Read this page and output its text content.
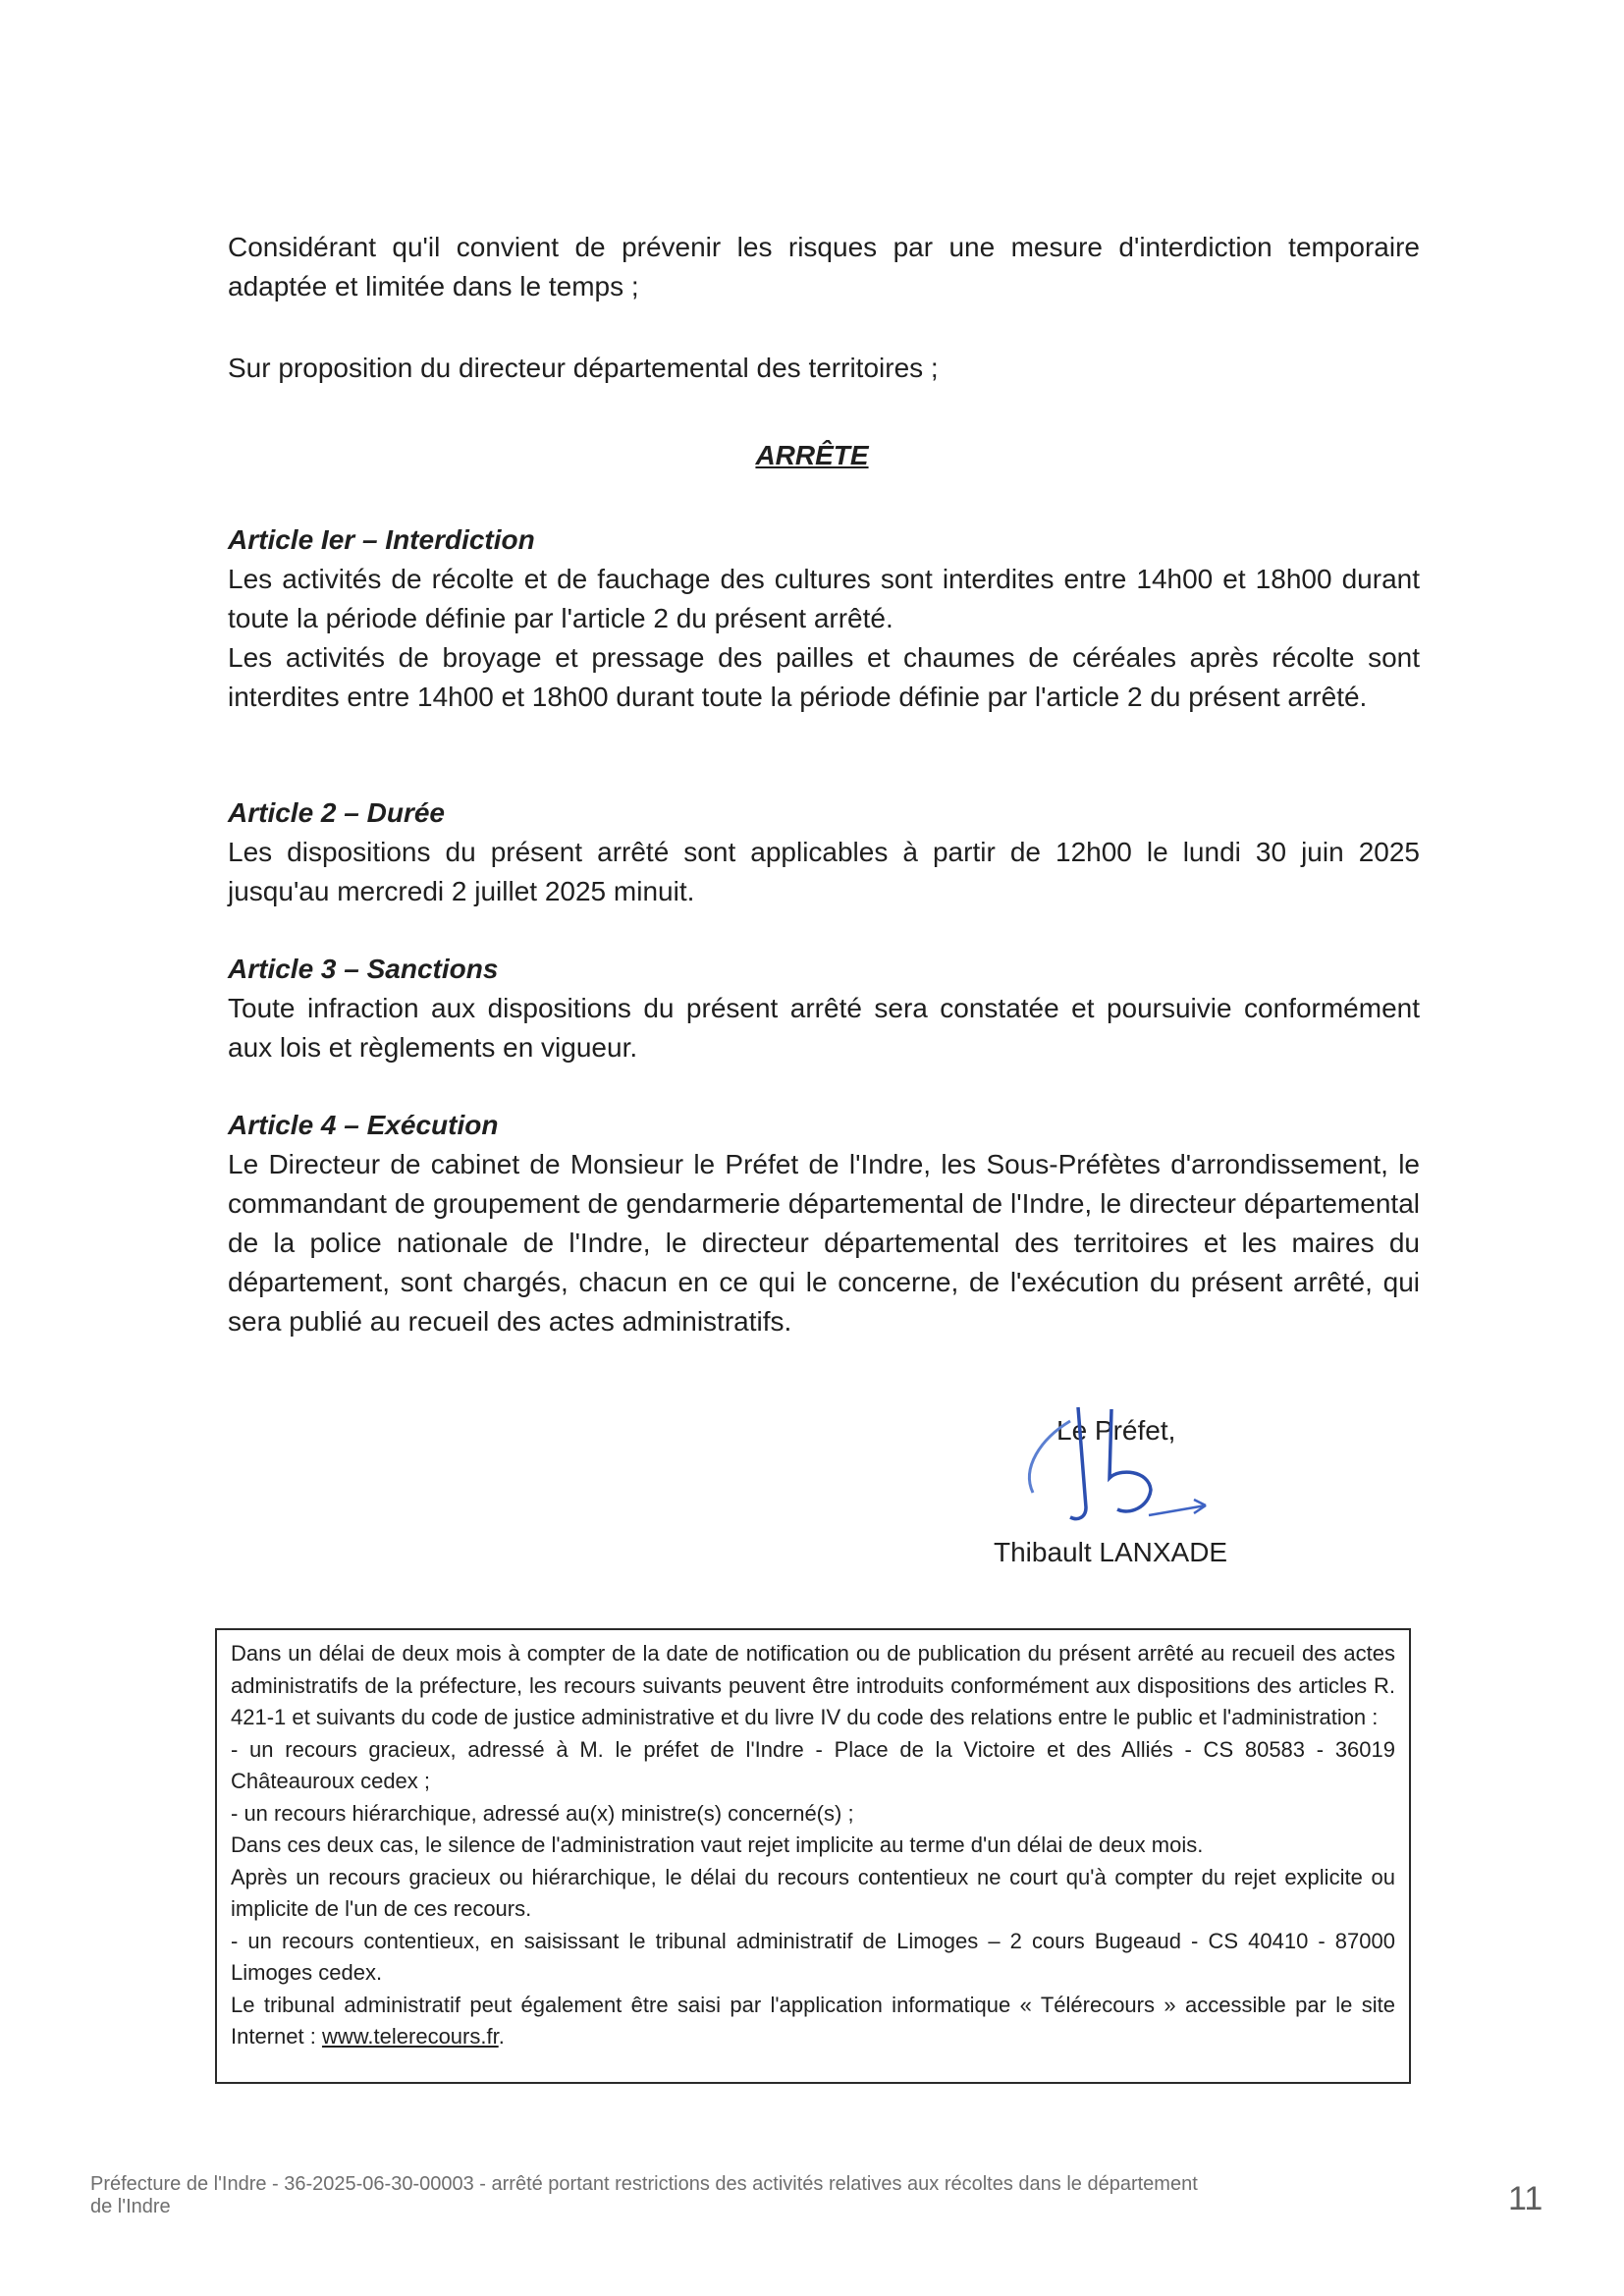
Considérant qu'il convient de prévenir les risques par une mesure d'interdiction temporaire adaptée et limitée dans le temps ;
Sur proposition du directeur départemental des territoires ;
ARRÊTE
Article Ier – Interdiction
Les activités de récolte et de fauchage des cultures sont interdites entre 14h00 et 18h00 durant toute la période définie par l'article 2 du présent arrêté.
Les activités de broyage et pressage des pailles et chaumes de céréales après récolte sont interdites entre 14h00 et 18h00 durant toute la période définie par l'article 2 du présent arrêté.
Article 2 – Durée
Les dispositions du présent arrêté sont applicables à partir de 12h00 le lundi 30 juin 2025 jusqu'au mercredi 2 juillet 2025 minuit.
Article 3 – Sanctions
Toute infraction aux dispositions du présent arrêté sera constatée et poursuivie conformément aux lois et règlements en vigueur.
Article 4 – Exécution
Le Directeur de cabinet de Monsieur le Préfet de l'Indre, les Sous-Préfètes d'arrondissement, le commandant de groupement de gendarmerie départemental de l'Indre, le directeur départemental de la police nationale de l'Indre, le directeur départemental des territoires et les maires du département, sont chargés, chacun en ce qui le concerne, de l'exécution du présent arrêté, qui sera publié au recueil des actes administratifs.
Le Préfet,
Thibault LANXADE
Dans un délai de deux mois à compter de la date de notification ou de publication du présent arrêté au recueil des actes administratifs de la préfecture, les recours suivants peuvent être introduits conformément aux dispositions des articles R. 421-1 et suivants du code de justice administrative et du livre IV du code des relations entre le public et l'administration :
- un recours gracieux, adressé à M. le préfet de l'Indre - Place de la Victoire et des Alliés - CS 80583 - 36019 Châteauroux cedex ;
- un recours hiérarchique, adressé au(x) ministre(s) concerné(s) ;
Dans ces deux cas, le silence de l'administration vaut rejet implicite au terme d'un délai de deux mois.
Après un recours gracieux ou hiérarchique, le délai du recours contentieux ne court qu'à compter du rejet explicite ou implicite de l'un de ces recours.
- un recours contentieux, en saisissant le tribunal administratif de Limoges – 2 cours Bugeaud - CS 40410 - 87000 Limoges cedex.
Le tribunal administratif peut également être saisi par l'application informatique « Télérecours » accessible par le site Internet : www.telerecours.fr.
Préfecture de l'Indre - 36-2025-06-30-00003 - arrêté portant restrictions des activités relatives aux récoltes dans le département de l'Indre	11
